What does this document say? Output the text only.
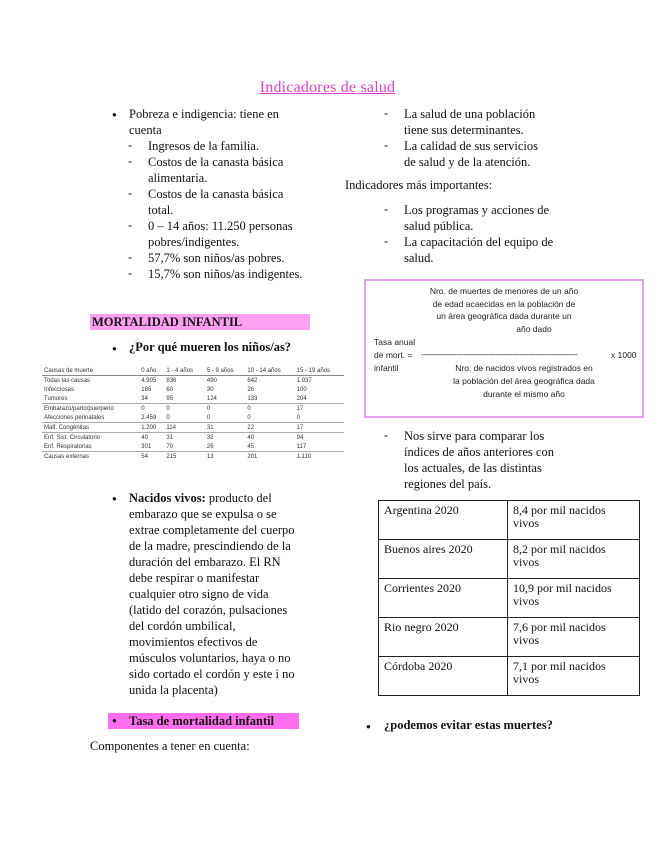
Indicadores de salud
● Pobreza e indigencia: tiene en
cuenta
- Ingresos de la familia.
- Costos de la canasta básica
alimentaria.
- Costos de la canasta básica
total.
- 0 – 14 años: 11.250 personas
pobres/indigentes.
- 57,7% son niños/as pobres.
- 15,7% son niños/as indigentes.
MORTALIDAD INFANTIL
● ¿Por qué mueren los niños/as?
Causas de muerte	0 año	1 - 4 años	5 - 9 años	10 - 14 años	15 - 19 años
Todas las causas	4.905	836	490	642	1.937
Infecciosas	185	60	30	26	100
Tumores	34	95	124	133	204
Embarazo/parto/puerperio	0	0	0	0	17
Afecciones perinatales	2.459	0	0	0	0
Malf. Congénitas	1.200	114	31	22	17
Enf. Sist. Circulatorio	40	31	32	40	94
Enf. Respiratorias	301	70	26	45	117
Causas externas	54	215	13	201	1.110
● Nacidos vivos: producto del
embarazo que se expulsa o se
extrae completamente del cuerpo
de la madre, prescindiendo de la
duración del embarazo. El RN
debe respirar o manifestar
cualquier otro signo de vida
(latido del corazón, pulsaciones
del cordón umbilical,
movimientos efectivos de
músculos voluntarios, haya o no
sido cortado el cordón y este i no
unida la placenta)
● Tasa de mortalidad infantil
Componentes a tener en cuenta:
- La salud de una población
tiene sus determinantes.
- La calidad de sus servicios
de salud y de la atención.
Indicadores más importantes:
- Los programas y acciones de
salud pública.
- La capacitación del equipo de
salud.
Nro. de muertes de menores de un año
de edad acaecidas en la población de
un área geográfica dada durante un
año dado
Tasa anual
de mort. =
infantil
-------------------------------------------------------------------	x 1000
Nro. de nacidos vivos registrados en
la población del área geográfica dada
durante el mismo año
- Nos sirve para comparar los
índices de años anteriores con
los actuales, de las distintas
regiones del país.
Argentina 2020	8,4 por mil nacidos vivos
Buenos aires 2020	8,2 por mil nacidos vivos
Corrientes 2020	10,9 por mil nacidos vivos
Rio negro 2020	7,6 por mil nacidos vivos
Córdoba 2020	7,1 por mil nacidos vivos
● ¿podemos evitar estas muertes?
